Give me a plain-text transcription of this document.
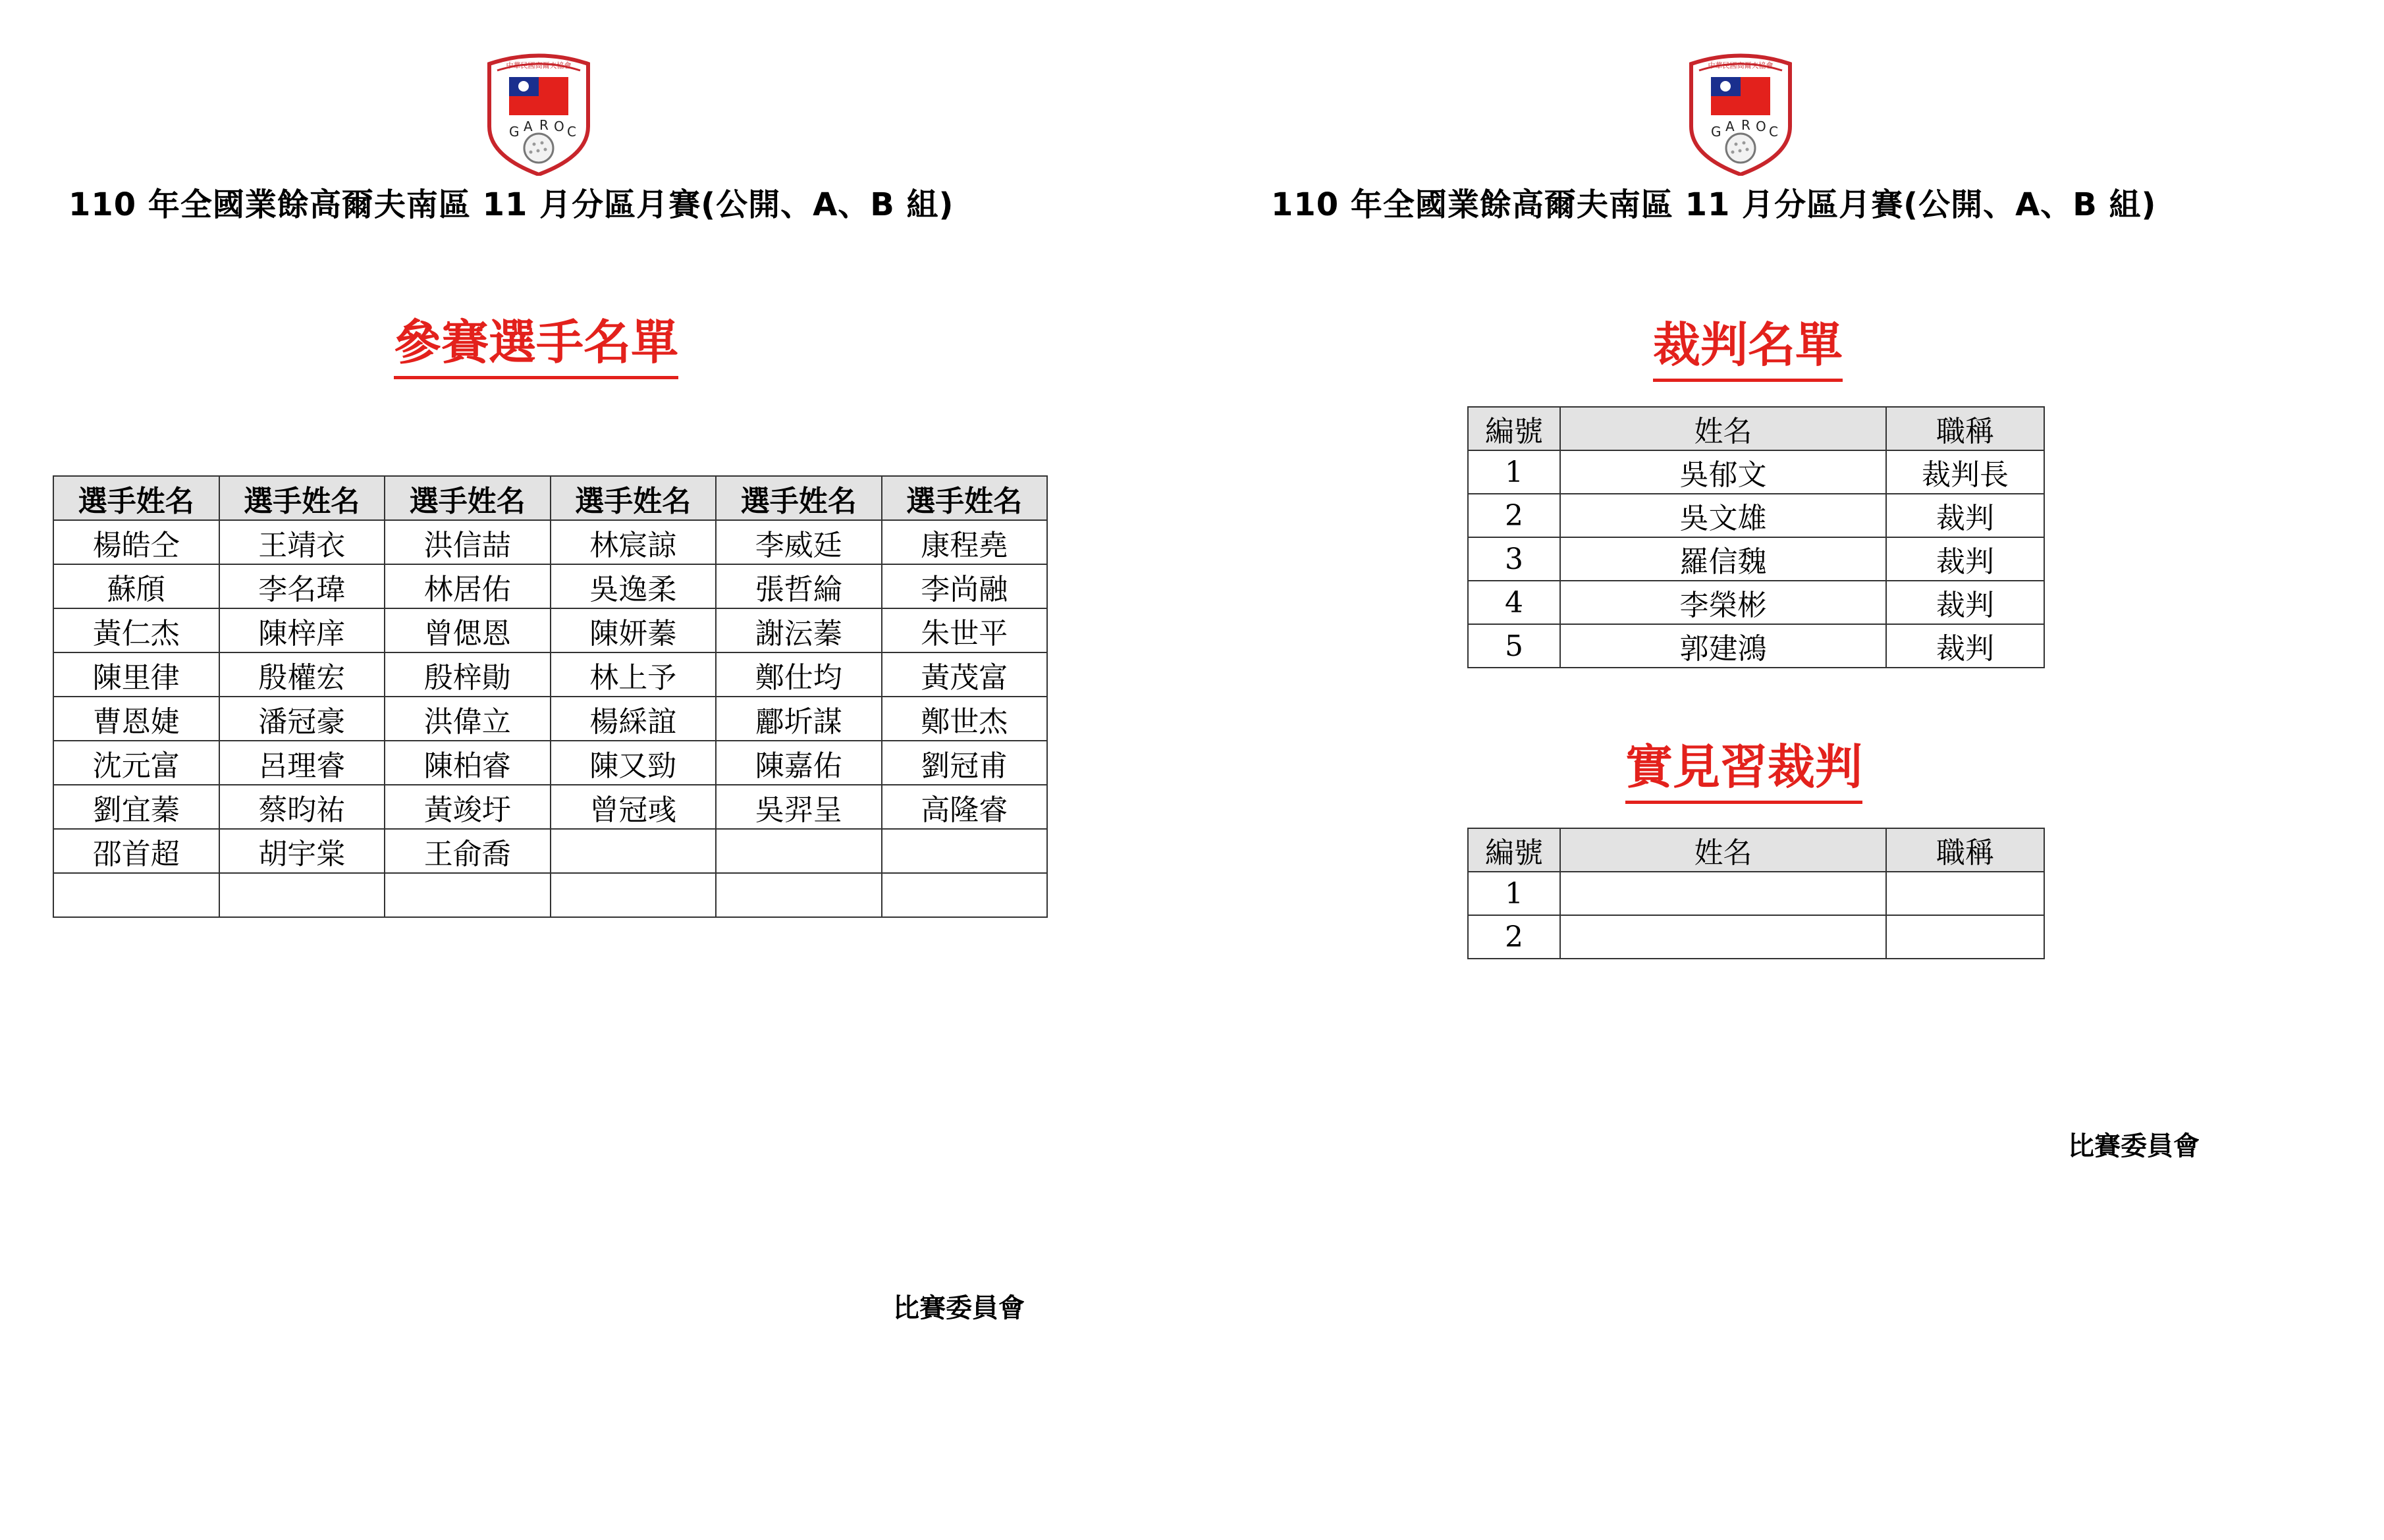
中華民國高爾夫協會
G A R O C
110 年全國業餘高爾夫南區 11 月分區月賽(公開、A、B 組)
參賽選手名單
選手姓名	選手姓名	選手姓名	選手姓名	選手姓名	選手姓名
楊皓仝	王靖衣	洪信喆	林宸諒	李威廷	康程堯
蘇頎	李名瑋	林居佑	吳逸柔	張哲綸	李尚融
黃仁杰	陳梓庠	曾偲恩	陳妍蓁	謝沄蓁	朱世平
陳里律	殷權宏	殷梓勛	林上予	鄭仕均	黃茂富
曹恩婕	潘冠豪	洪偉立	楊綵誼	酈圻謀	鄭世杰
沈元富	呂理睿	陳柏睿	陳又勁	陳嘉佑	劉冠甫
劉宜蓁	蔡昀祐	黃竣圩	曾冠彧	吳羿呈	高隆睿
邵首超	胡宇棠	王俞喬			

比賽委員會
中華民國高爾夫協會
G A R O C
110 年全國業餘高爾夫南區 11 月分區月賽(公開、A、B 組)
裁判名單
編號	姓名	職稱
1	吳郁文	裁判長
2	吳文雄	裁判
3	羅信魏	裁判
4	李榮彬	裁判
5	郭建鴻	裁判
實見習裁判
編號	姓名	職稱
1		
2		
比賽委員會
